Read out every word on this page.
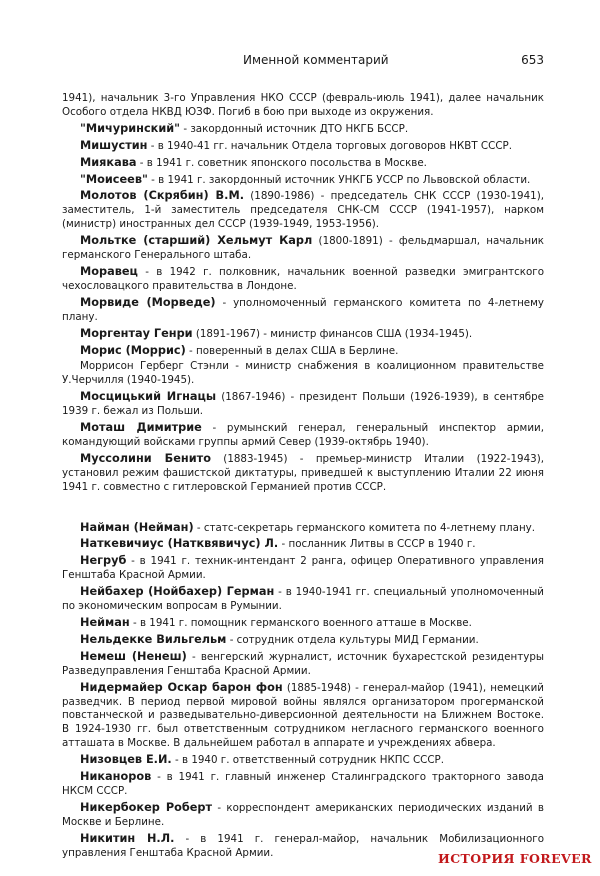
Именной комментарий	653

1941), начальник 3-го Управления НКО СССР (февраль-июль 1941), далее начальник Особого отдела НКВД ЮЗФ. Погиб в бою при выходе из окружения.

"Мичуринский" - закордонный источник ДТО НКГБ БССР.

Мишустин - в 1940-41 гг. начальник Отдела торговых договоров НКВТ СССР.

Миякава - в 1941 г. советник японского посольства в Москве.

"Моисеев" - в 1941 г. закордонный источник УНКГБ УССР по Львовской области.

Молотов (Скрябин) В.М. (1890-1986) - председатель СНК СССР (1930-1941), заместитель, 1-й заместитель председателя СНК-СМ СССР (1941-1957), нарком (министр) иностранных дел СССР (1939-1949, 1953-1956).

Мольтке (старший) Хельмут Карл (1800-1891) - фельдмаршал, начальник германского Генерального штаба.

Моравец - в 1942 г. полковник, начальник военной разведки эмигрантского чехословацкого правительства в Лондоне.

Морвиде (Морведе) - уполномоченный германского комитета по 4-летнему плану.

Моргентау Генри (1891-1967) - министр финансов США (1934-1945).

Морис (Моррис) - поверенный в делах США в Берлине.

Моррисон Герберг Стэнли - министр снабжения в коалиционном правительстве У.Черчилля (1940-1945).

Мосцицький Игнацы (1867-1946) - президент Польши (1926-1939), в сентябре 1939 г. бежал из Польши.

Моташ Димитрие - румынский генерал, генеральный инспектор армии, командующий войсками группы армий Север (1939-октябрь 1940).

Муссолини Бенито (1883-1945) - премьер-министр Италии (1922-1943), установил режим фашистской диктатуры, приведшей к выступлению Италии 22 июня 1941 г. совместно с гитлеровской Германией против СССР.

Найман (Нейман) - статс-секретарь германского комитета по 4-летнему плану.

Наткевичиус (Натквявичус) Л. - посланник Литвы в СССР в 1940 г.

Негруб - в 1941 г. техник-интендант 2 ранга, офицер Оперативного управления Генштаба Красной Армии.

Нейбахер (Нойбахер) Герман - в 1940-1941 гг. специальный уполномоченный по экономическим вопросам в Румынии.

Нейман - в 1941 г. помощник германского военного атташе в Москве.

Нельдекке Вильгельм - сотрудник отдела культуры МИД Германии.

Немеш (Ненеш) - венгерский журналист, источник бухарестской резидентуры Разведуправления Генштаба Красной Армии.

Нидермайер Оскар барон фон (1885-1948) - генерал-майор (1941), немецкий разведчик. В период первой мировой войны являлся организатором прогерманской повстанческой и разведывательно-диверсионной деятельности на Ближнем Востоке. В 1924-1930 гг. был ответственным сотрудником негласного германского военного атташата в Москве. В дальнейшем работал в аппарате и учреждениях абвера.

Низовцев Е.И. - в 1940 г. ответственный сотрудник НКПС СССР.

Никаноров - в 1941 г. главный инженер Сталинградского тракторного завода НКСМ СССР.

Никербокер Роберт - корреспондент американских периодических изданий в Москве и Берлине.

Никитин Н.Л. - в 1941 г. генерал-майор, начальник Мобилизационного управления Генштаба Красной Армии.	ИСТОРИЯ FOREVER
